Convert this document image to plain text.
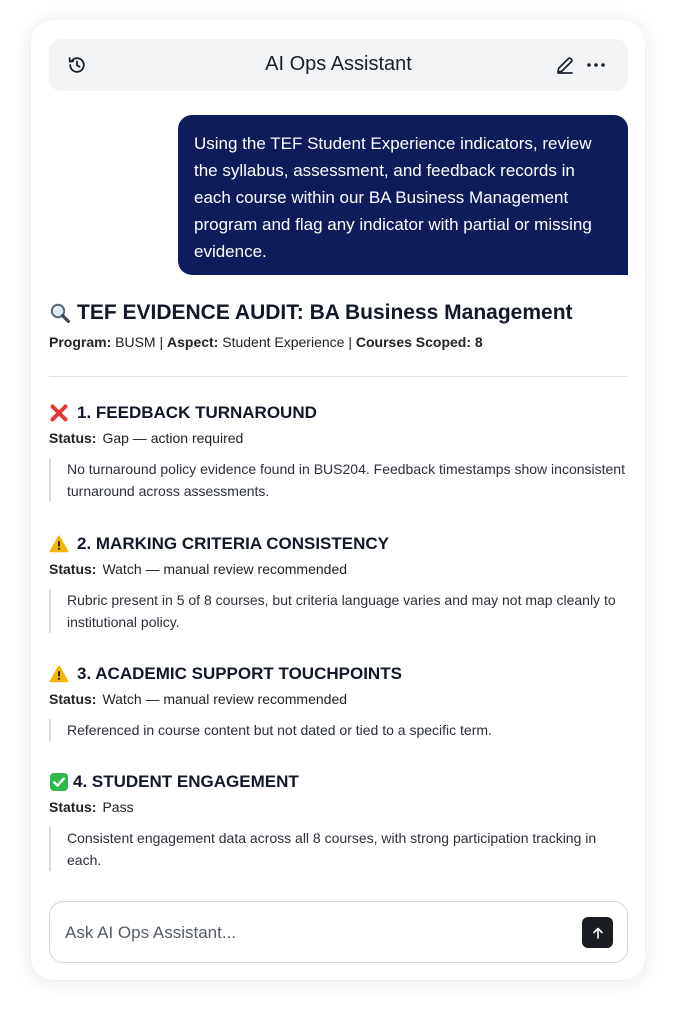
AI Ops Assistant
Using the TEF Student Experience indicators, review the syllabus, assessment, and feedback records in each course within our BA Business Management program and flag any indicator with partial or missing evidence.
TEF EVIDENCE AUDIT: BA Business Management
Program: BUSM | Aspect: Student Experience | Courses Scoped: 8
1. FEEDBACK TURNAROUND
Status: Gap — action required
No turnaround policy evidence found in BUS204. Feedback timestamps show inconsistent turnaround across assessments.
2. MARKING CRITERIA CONSISTENCY
Status: Watch — manual review recommended
Rubric present in 5 of 8 courses, but criteria language varies and may not map cleanly to institutional policy.
3. ACADEMIC SUPPORT TOUCHPOINTS
Status: Watch — manual review recommended
Referenced in course content but not dated or tied to a specific term.
4. STUDENT ENGAGEMENT
Status: Pass
Consistent engagement data across all 8 courses, with strong participation tracking in each.
Ask AI Ops Assistant...
